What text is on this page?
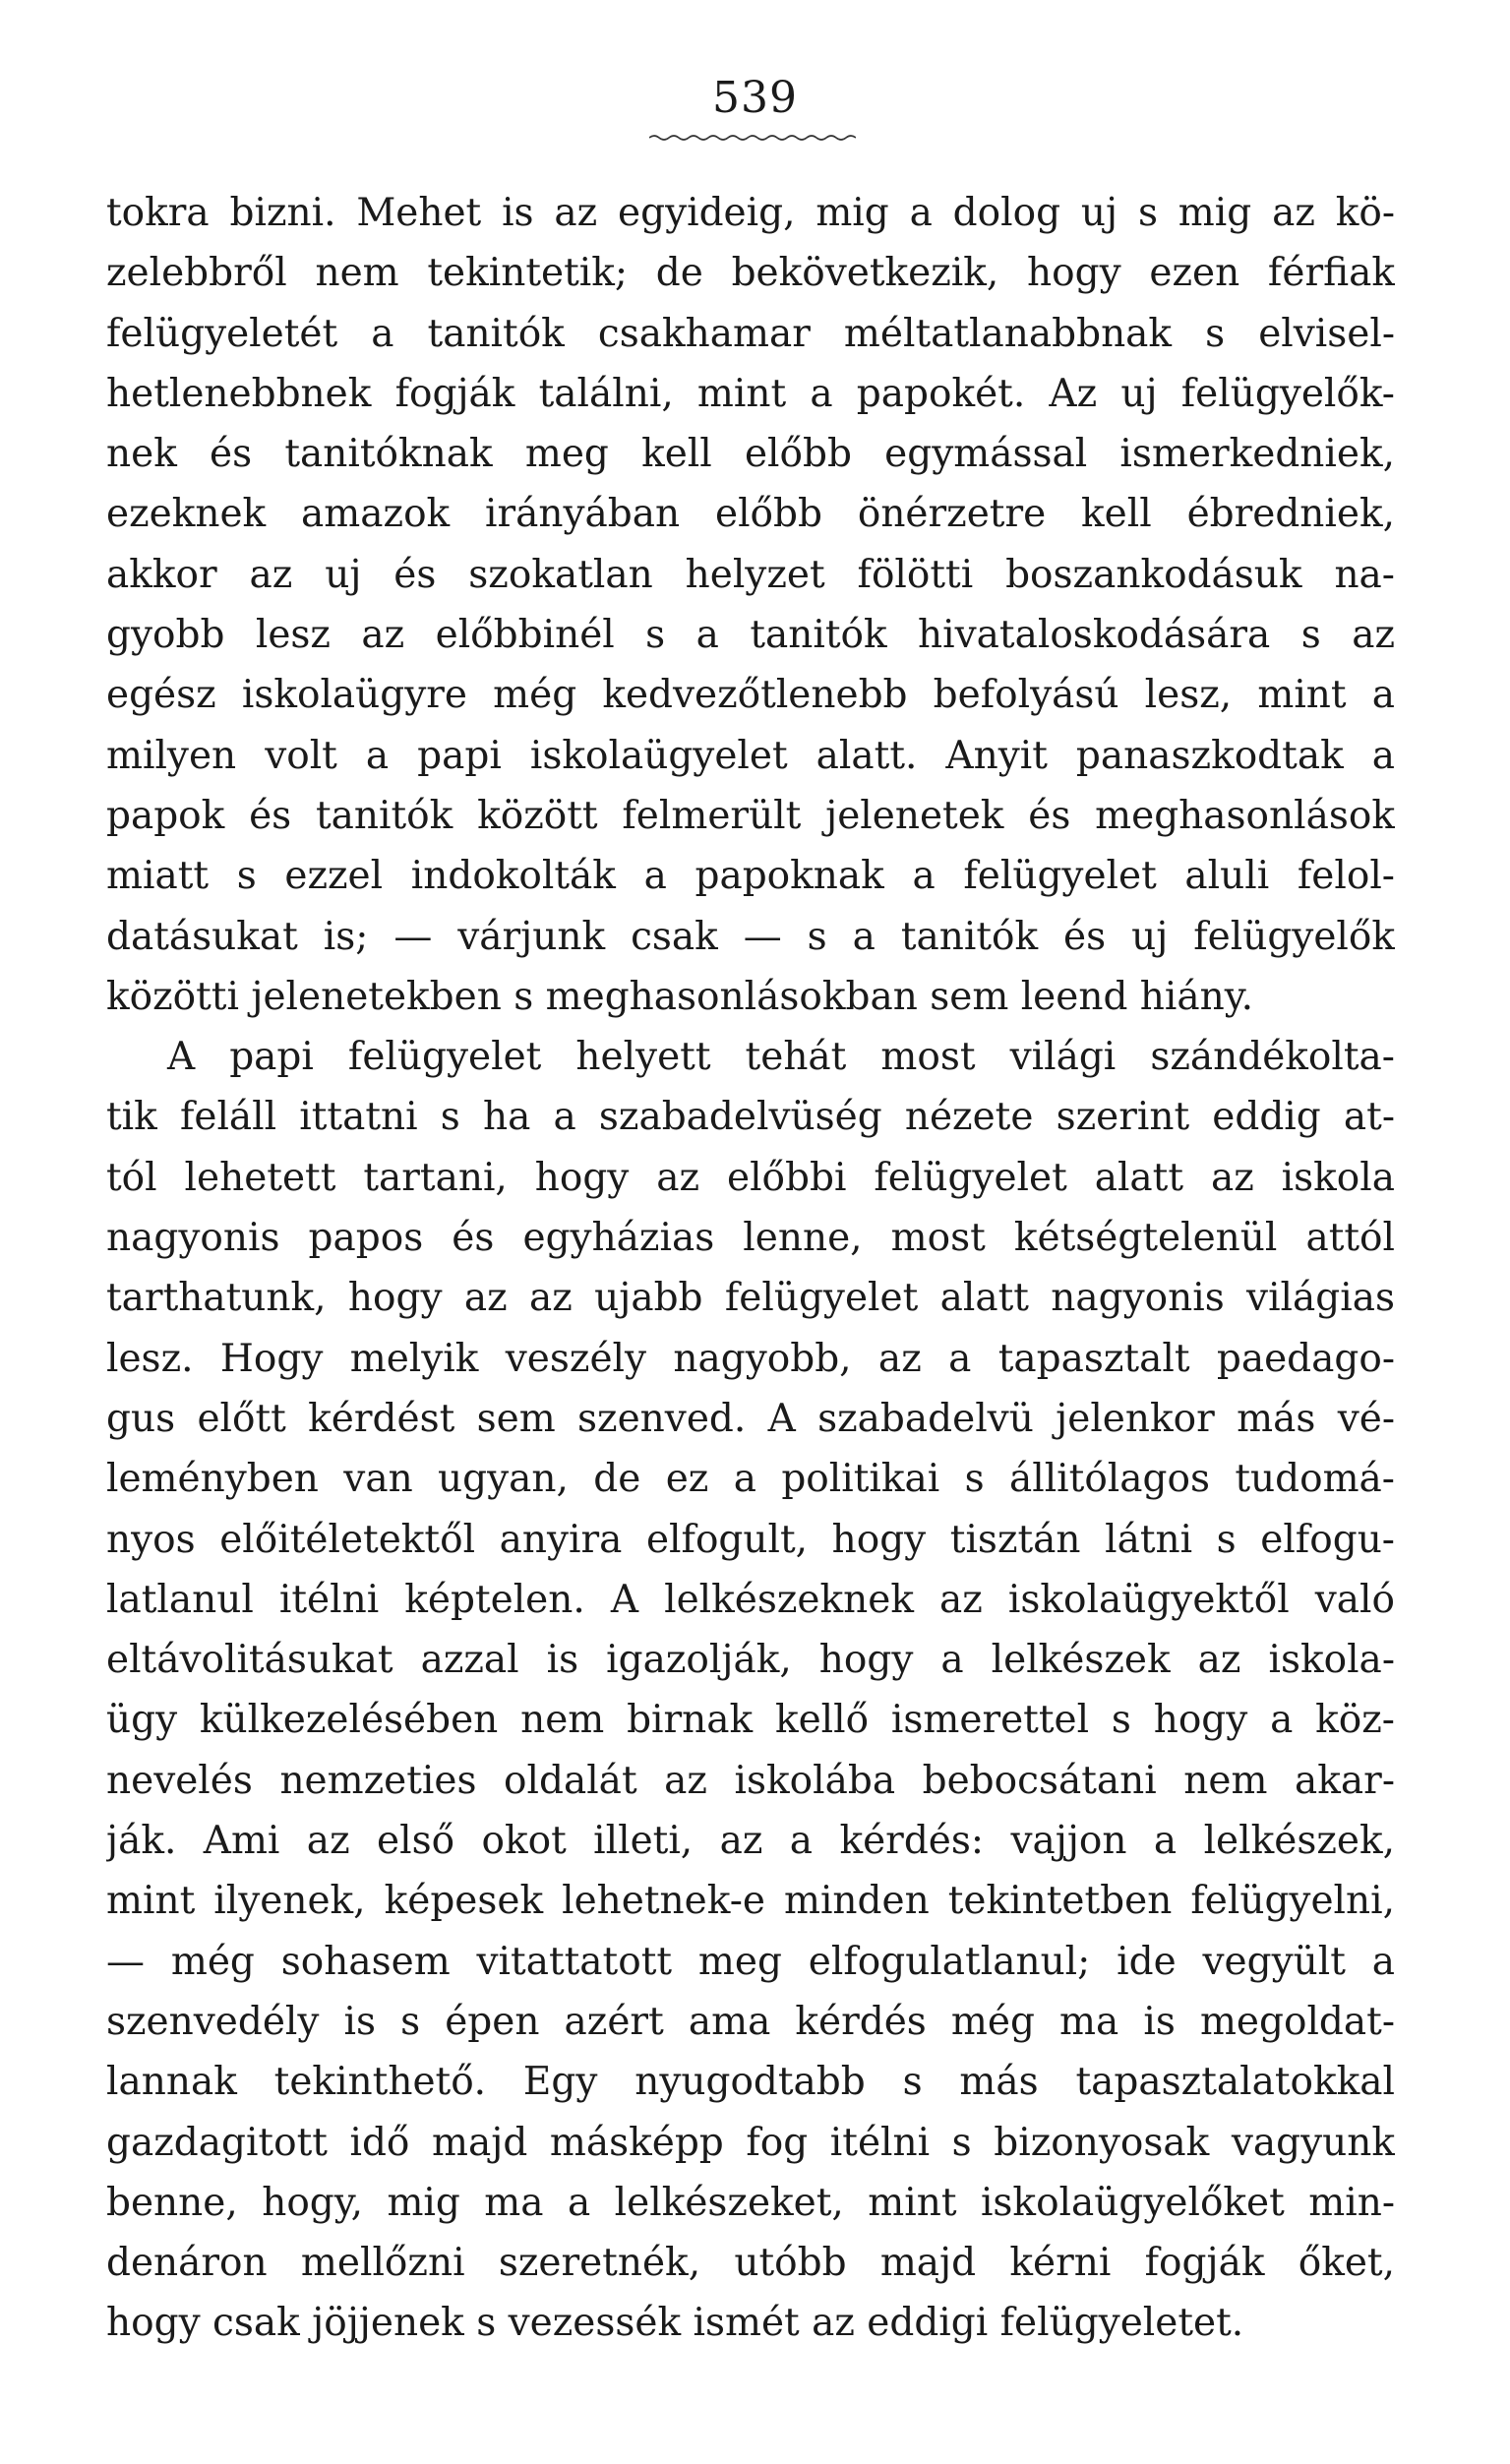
539
tokra bizni. Mehet is az egyideig, mig a dolog uj s mig az kö-
zelebbről nem tekintetik; de bekövetkezik, hogy ezen férfiak
felügyeletét a tanitók csakhamar méltatlanabbnak s elvisel-
hetlenebbnek fogják találni, mint a papokét. Az uj felügyelők-
nek és tanitóknak meg kell előbb egymással ismerkedniek,
ezeknek amazok irányában előbb önérzetre kell ébredniek,
akkor az uj és szokatlan helyzet fölötti boszankodásuk na-
gyobb lesz az előbbinél s a tanitók hivataloskodására s az
egész iskolaügyre még kedvezőtlenebb befolyású lesz, mint a
milyen volt a papi iskolaügyelet alatt. Anyit panaszkodtak a
papok és tanitók között felmerült jelenetek és meghasonlások
miatt s ezzel indokolták a papoknak a felügyelet aluli felol-
datásukat is; — várjunk csak — s a tanitók és uj felügyelők
közötti jelenetekben s meghasonlásokban sem leend hiány.
A papi felügyelet helyett tehát most világi szándékolta-
tik feláll ittatni s ha a szabadelvüség nézete szerint eddig at-
tól lehetett tartani, hogy az előbbi felügyelet alatt az iskola
nagyonis papos és egyházias lenne, most kétségtelenül attól
tarthatunk, hogy az az ujabb felügyelet alatt nagyonis világias
lesz. Hogy melyik veszély nagyobb, az a tapasztalt paedago-
gus előtt kérdést sem szenved. A szabadelvü jelenkor más vé-
leményben van ugyan, de ez a politikai s állitólagos tudomá-
nyos előitéletektől anyira elfogult, hogy tisztán látni s elfogu-
latlanul itélni képtelen. A lelkészeknek az iskolaügyektől való
eltávolitásukat azzal is igazolják, hogy a lelkészek az iskola-
ügy külkezelésében nem birnak kellő ismerettel s hogy a köz-
nevelés nemzeties oldalát az iskolába bebocsátani nem akar-
ják. Ami az első okot illeti, az a kérdés: vajjon a lelkészek,
mint ilyenek, képesek lehetnek-e minden tekintetben felügyelni,
— még sohasem vitattatott meg elfogulatlanul; ide vegyült a
szenvedély is s épen azért ama kérdés még ma is megoldat-
lannak tekinthető. Egy nyugodtabb s más tapasztalatokkal
gazdagitott idő majd másképp fog itélni s bizonyosak vagyunk
benne, hogy, mig ma a lelkészeket, mint iskolaügyelőket min-
denáron mellőzni szeretnék, utóbb majd kérni fogják őket,
hogy csak jöjjenek s vezessék ismét az eddigi felügyeletet.
